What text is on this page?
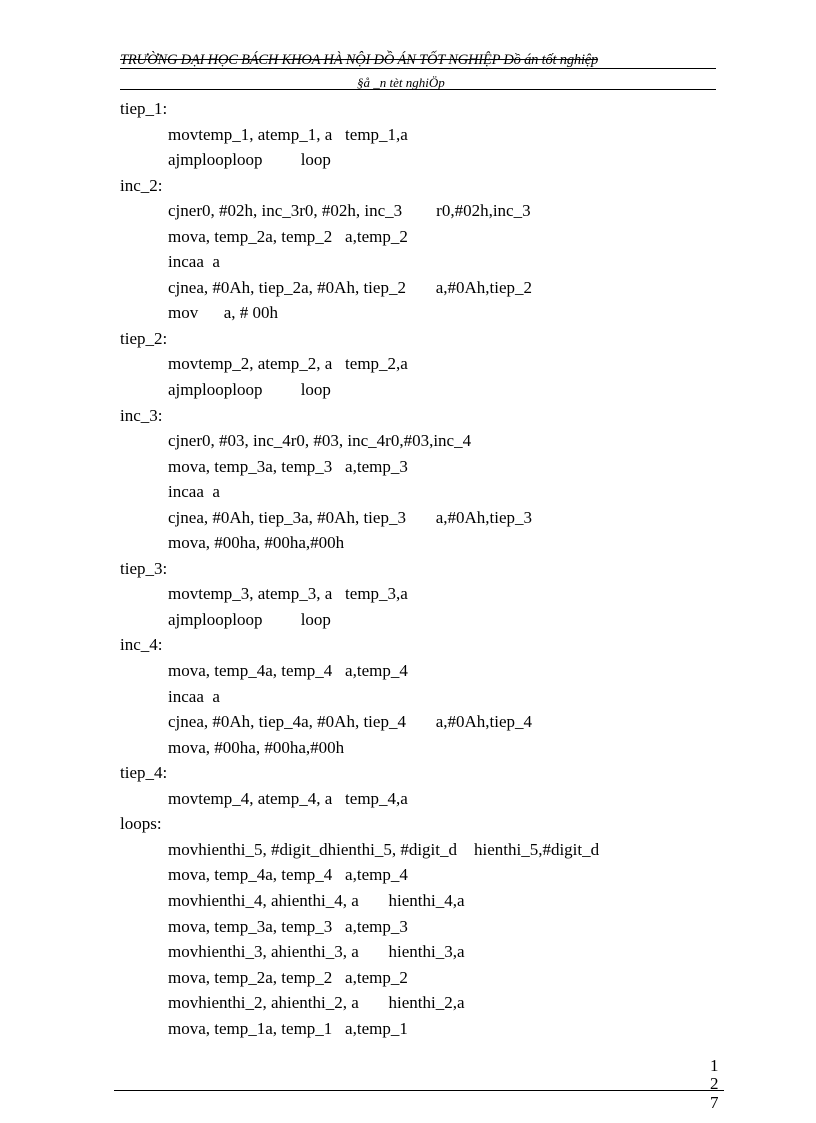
TRƯỜNG ĐẠI HỌC BÁCH KHOA HÀ NỘI ĐỒ ÁN TỐT NGHIỆP Đồ án tốt nghiệp
§å _n tèt nghiÖp
tiep_1:
movtemp_1, atemp_1, a   temp_1,a
ajmplooploop         loop
inc_2:
cjner0, #02h, inc_3r0, #02h, inc_3        r0,#02h,inc_3
mova, temp_2a, temp_2   a,temp_2
incaa  a
cjnea, #0Ah, tiep_2a, #0Ah, tiep_2       a,#0Ah,tiep_2
mov      a, # 00h
tiep_2:
movtemp_2, atemp_2, a   temp_2,a
ajmplooploop         loop
inc_3:
cjner0, #03, inc_4r0, #03, inc_4r0,#03,inc_4
mova, temp_3a, temp_3   a,temp_3
incaa  a
cjnea, #0Ah, tiep_3a, #0Ah, tiep_3       a,#0Ah,tiep_3
mova, #00ha, #00ha,#00h
tiep_3:
movtemp_3, atemp_3, a   temp_3,a
ajmplooploop         loop
inc_4:
mova, temp_4a, temp_4   a,temp_4
incaa  a
cjnea, #0Ah, tiep_4a, #0Ah, tiep_4       a,#0Ah,tiep_4
mova, #00ha, #00ha,#00h
tiep_4:
movtemp_4, atemp_4, a   temp_4,a
loops:
movhienthi_5, #digit_dhienthi_5, #digit_d    hienthi_5,#digit_d
mova, temp_4a, temp_4   a,temp_4
movhienthi_4, ahienthi_4, a       hienthi_4,a
mova, temp_3a, temp_3   a,temp_3
movhienthi_3, ahienthi_3, a       hienthi_3,a
mova, temp_2a, temp_2   a,temp_2
movhienthi_2, ahienthi_2, a       hienthi_2,a
mova, temp_1a, temp_1   a,temp_1
1
2
7
